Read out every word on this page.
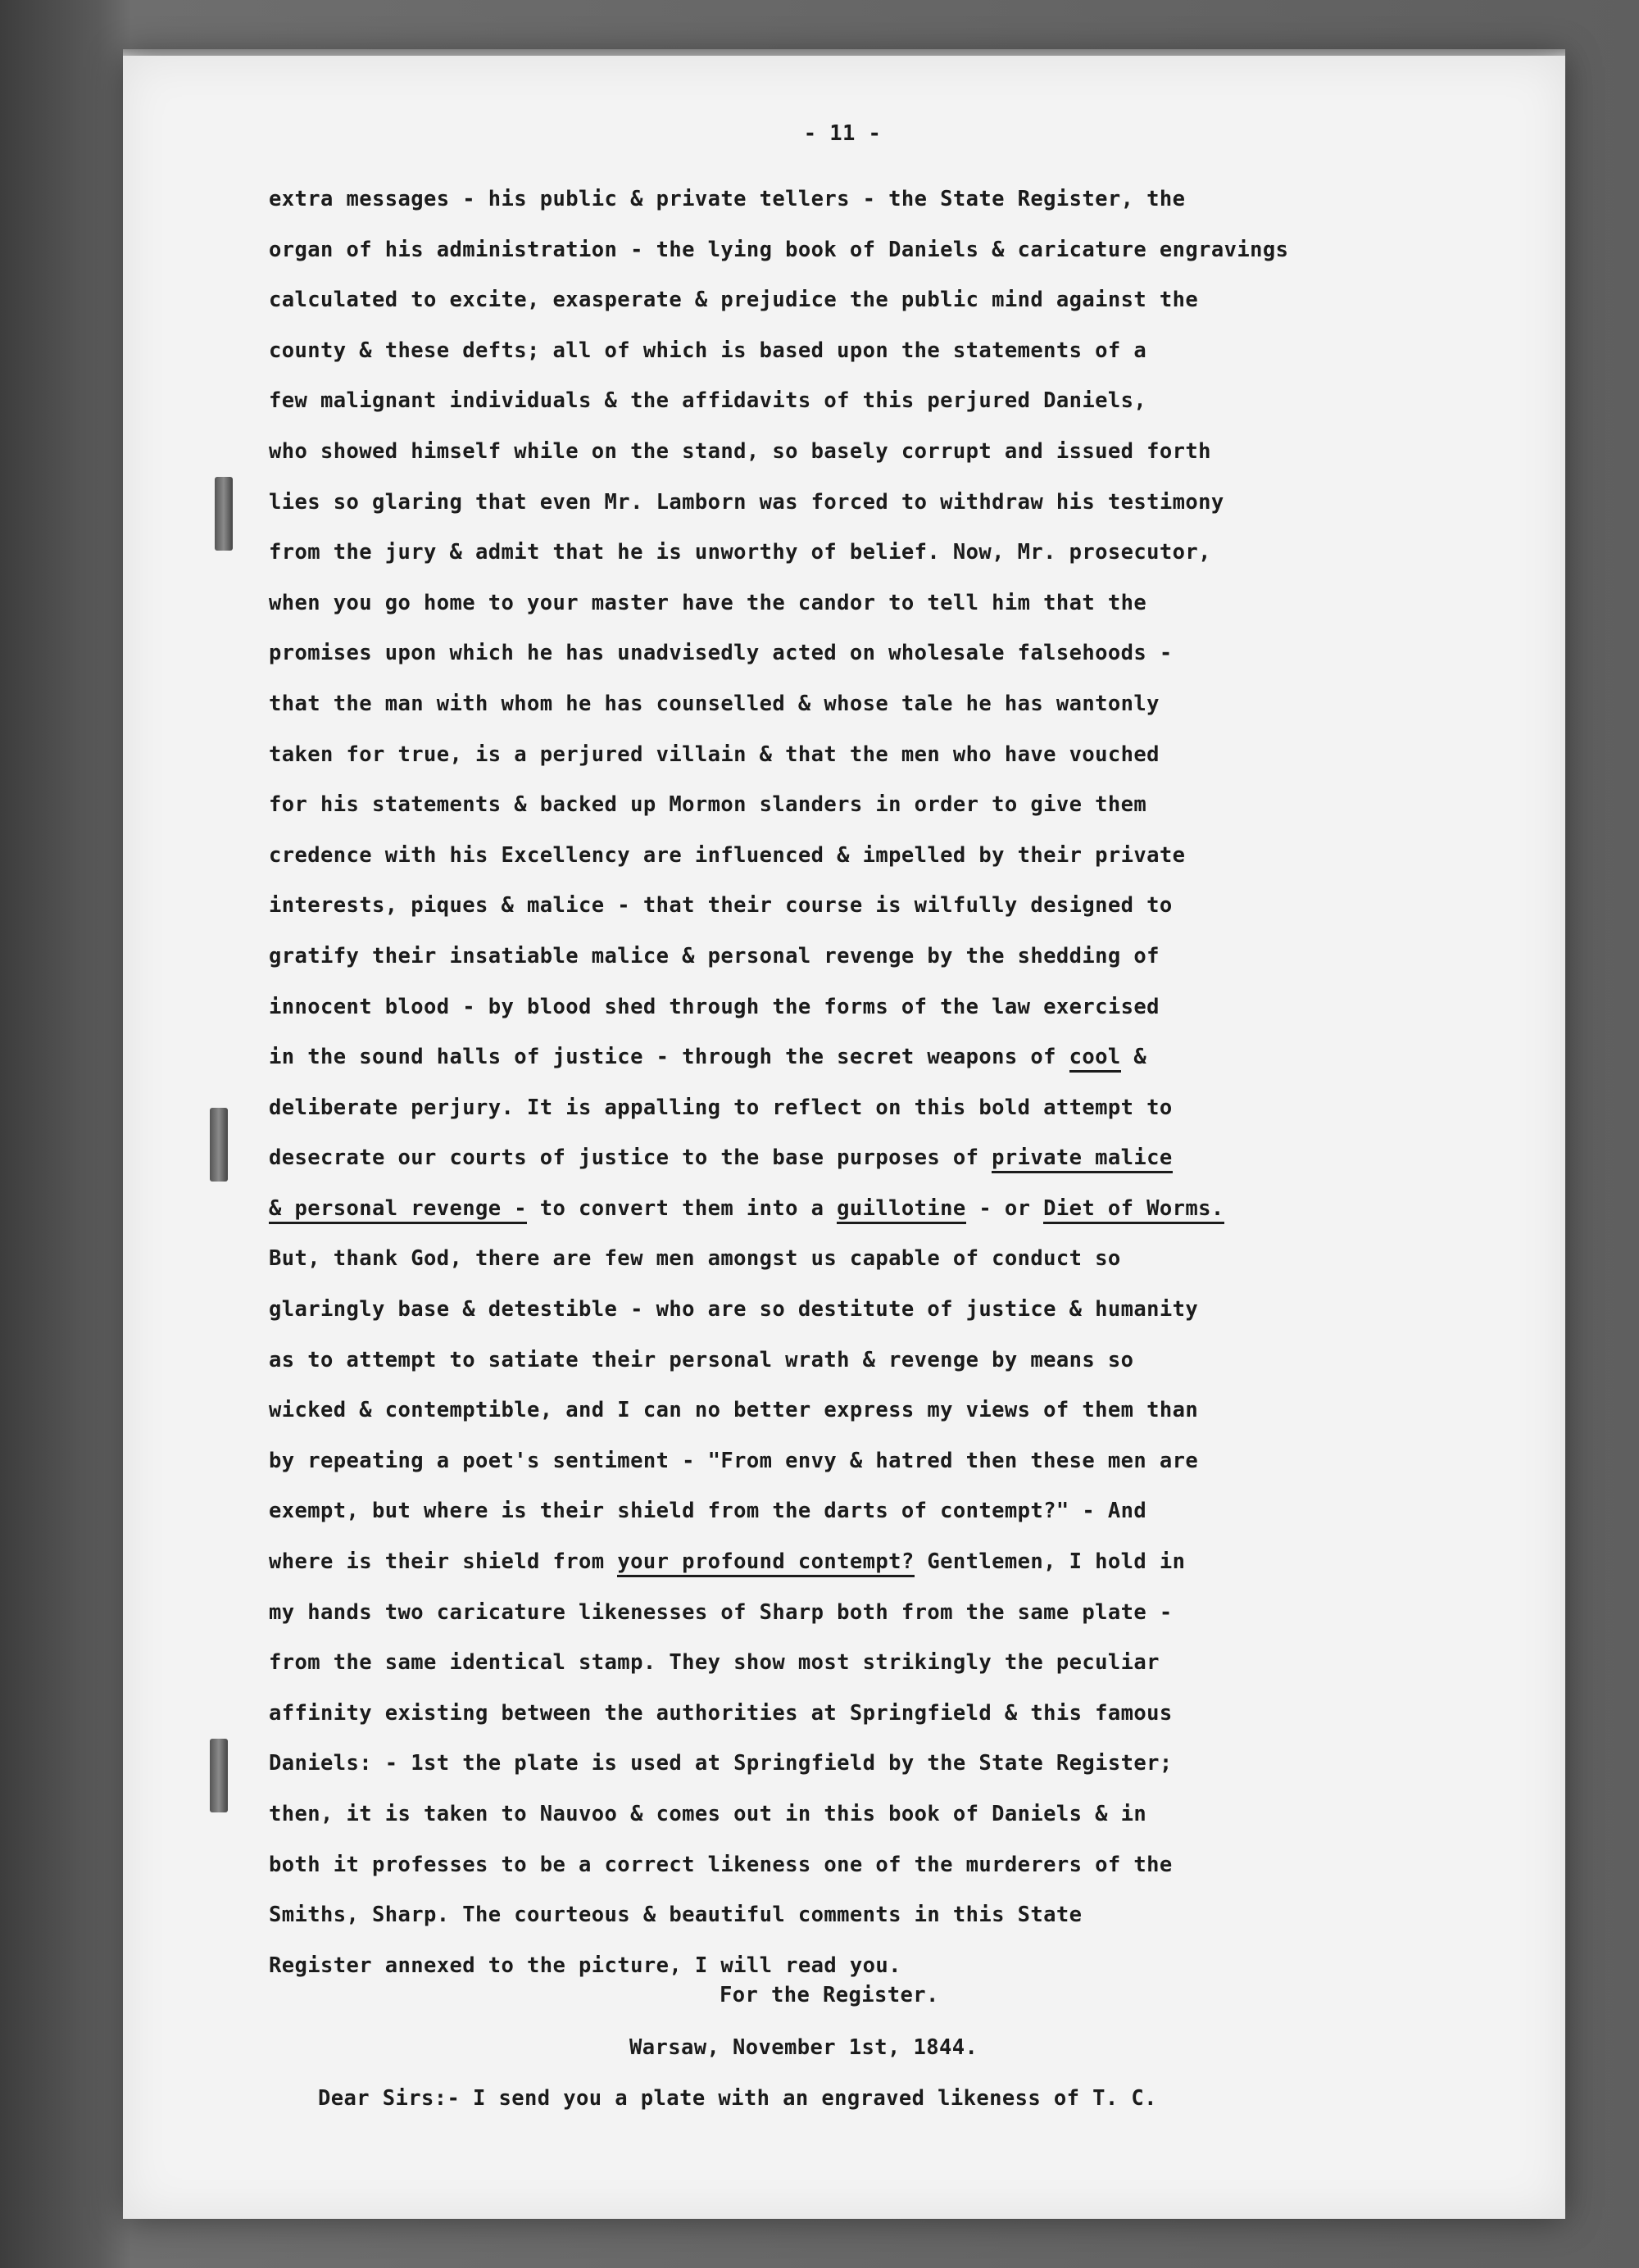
- 11 -
extra messages - his public & private tellers - the State Register, the
organ of his administration - the lying book of Daniels & caricature engravings
calculated to excite, exasperate & prejudice the public mind against the
county & these defts; all of which is based upon the statements of a
few malignant individuals & the affidavits of this perjured Daniels,
who showed himself while on the stand, so basely corrupt and issued forth
lies so glaring that even Mr. Lamborn was forced to withdraw his testimony
from the jury & admit that he is unworthy of belief. Now, Mr. prosecutor,
when you go home to your master have the candor to tell him that the
promises upon which he has unadvisedly acted on wholesale falsehoods -
that the man with whom he has counselled & whose tale he has wantonly
taken for true, is a perjured villain & that the men who have vouched
for his statements & backed up Mormon slanders in order to give them
credence with his Excellency are influenced & impelled by their private
interests, piques & malice - that their course is wilfully designed to
gratify their insatiable malice & personal revenge by the shedding of
innocent blood - by blood shed through the forms of the law exercised
in the sound halls of justice - through the secret weapons of cool &
deliberate perjury. It is appalling to reflect on this bold attempt to
desecrate our courts of justice to the base purposes of private malice
& personal revenge - to convert them into a guillotine - or Diet of Worms.
But, thank God, there are few men amongst us capable of conduct so
glaringly base & detestible - who are so destitute of justice & humanity
as to attempt to satiate their personal wrath & revenge by means so
wicked & contemptible, and I can no better express my views of them than
by repeating a poet's sentiment - "From envy & hatred then these men are
exempt, but where is their shield from the darts of contempt?" - And
where is their shield from your profound contempt? Gentlemen, I hold in
my hands two caricature likenesses of Sharp both from the same plate -
from the same identical stamp. They show most strikingly the peculiar
affinity existing between the authorities at Springfield & this famous
Daniels: - 1st the plate is used at Springfield by the State Register;
then, it is taken to Nauvoo & comes out in this book of Daniels & in
both it professes to be a correct likeness one of the murderers of the
Smiths, Sharp. The courteous & beautiful comments in this State
Register annexed to the picture, I will read you.
For the Register.
Warsaw, November 1st, 1844.
Dear Sirs:- I send you a plate with an engraved likeness of T. C.
